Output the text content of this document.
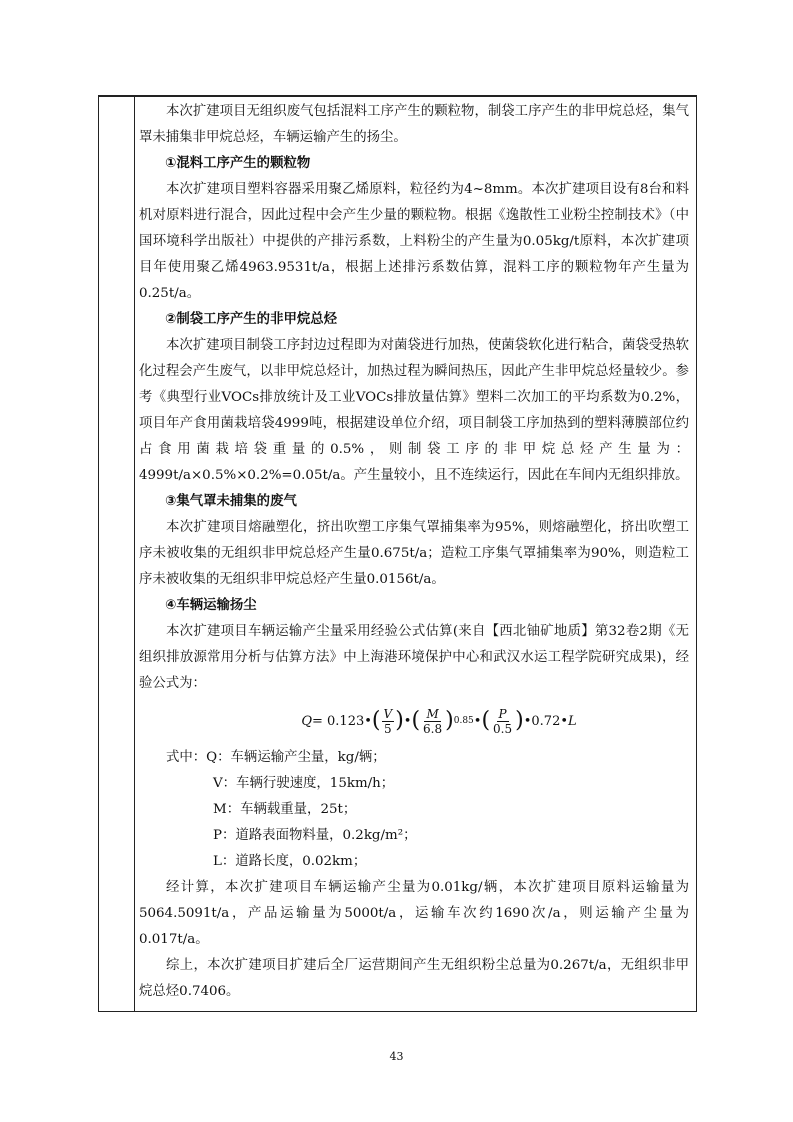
本次扩建项目无组织废气包括混料工序产生的颗粒物，制袋工序产生的非甲烷总烃，集气罩未捕集非甲烷总烃，车辆运输产生的扬尘。

①混料工序产生的颗粒物

本次扩建项目塑料容器采用聚乙烯原料，粒径约为4~8mm。本次扩建项目设有8台和料机对原料进行混合，因此过程中会产生少量的颗粒物。根据《逸散性工业粉尘控制技术》（中国环境科学出版社）中提供的产排污系数，上料粉尘的产生量为0.05kg/t原料，本次扩建项目年使用聚乙烯4963.9531t/a，根据上述排污系数估算，混料工序的颗粒物年产生量为0.25t/a。

②制袋工序产生的非甲烷总烃

本次扩建项目制袋工序封边过程即为对菌袋进行加热，使菌袋软化进行粘合，菌袋受热软化过程会产生废气，以非甲烷总烃计，加热过程为瞬间热压，因此产生非甲烷总烃量较少。参考《典型行业VOCs排放统计及工业VOCs排放量估算》塑料二次加工的平均系数为0.2%，项目年产食用菌栽培袋4999吨，根据建设单位介绍，项目制袋工序加热到的塑料薄膜部位约占食用菌栽培袋重量的0.5%，则制袋工序的非甲烷总烃产生量为：4999t/a×0.5%×0.2%=0.05t/a。产生量较小，且不连续运行，因此在车间内无组织排放。

③集气罩未捕集的废气

本次扩建项目熔融塑化，挤出吹塑工序集气罩捕集率为95%，则熔融塑化，挤出吹塑工序未被收集的无组织非甲烷总烃产生量0.675t/a；造粒工序集气罩捕集率为90%，则造粒工序未被收集的无组织非甲烷总烃产生量0.0156t/a。

④车辆运输扬尘

本次扩建项目车辆运输产尘量采用经验公式估算(来自【西北铀矿地质】第32卷2期《无组织排放源常用分析与估算方法》中上海港环境保护中心和武汉水运工程学院研究成果)，经验公式为：

Q = 0.123• ( $\frac{V}{5}$ ) • ( $\frac{M}{6.8}$ ) 0.85 • ( $\frac{P}{0.5}$ ) •0.72• L

式中：Q：车辆运输产尘量，kg/辆；

V：车辆行驶速度，15km/h；

M：车辆载重量，25t；

P：道路表面物料量，0.2kg/m²；

L：道路长度，0.02km；

经计算，本次扩建项目车辆运输产尘量为0.01kg/辆，本次扩建项目原料运输量为5064.5091t/a，产品运输量为5000t/a，运输车次约1690次/a，则运输产尘量为0.017t/a。

综上，本次扩建项目扩建后全厂运营期间产生无组织粉尘总量为0.267t/a，无组织非甲烷总烃0.7406。

43
